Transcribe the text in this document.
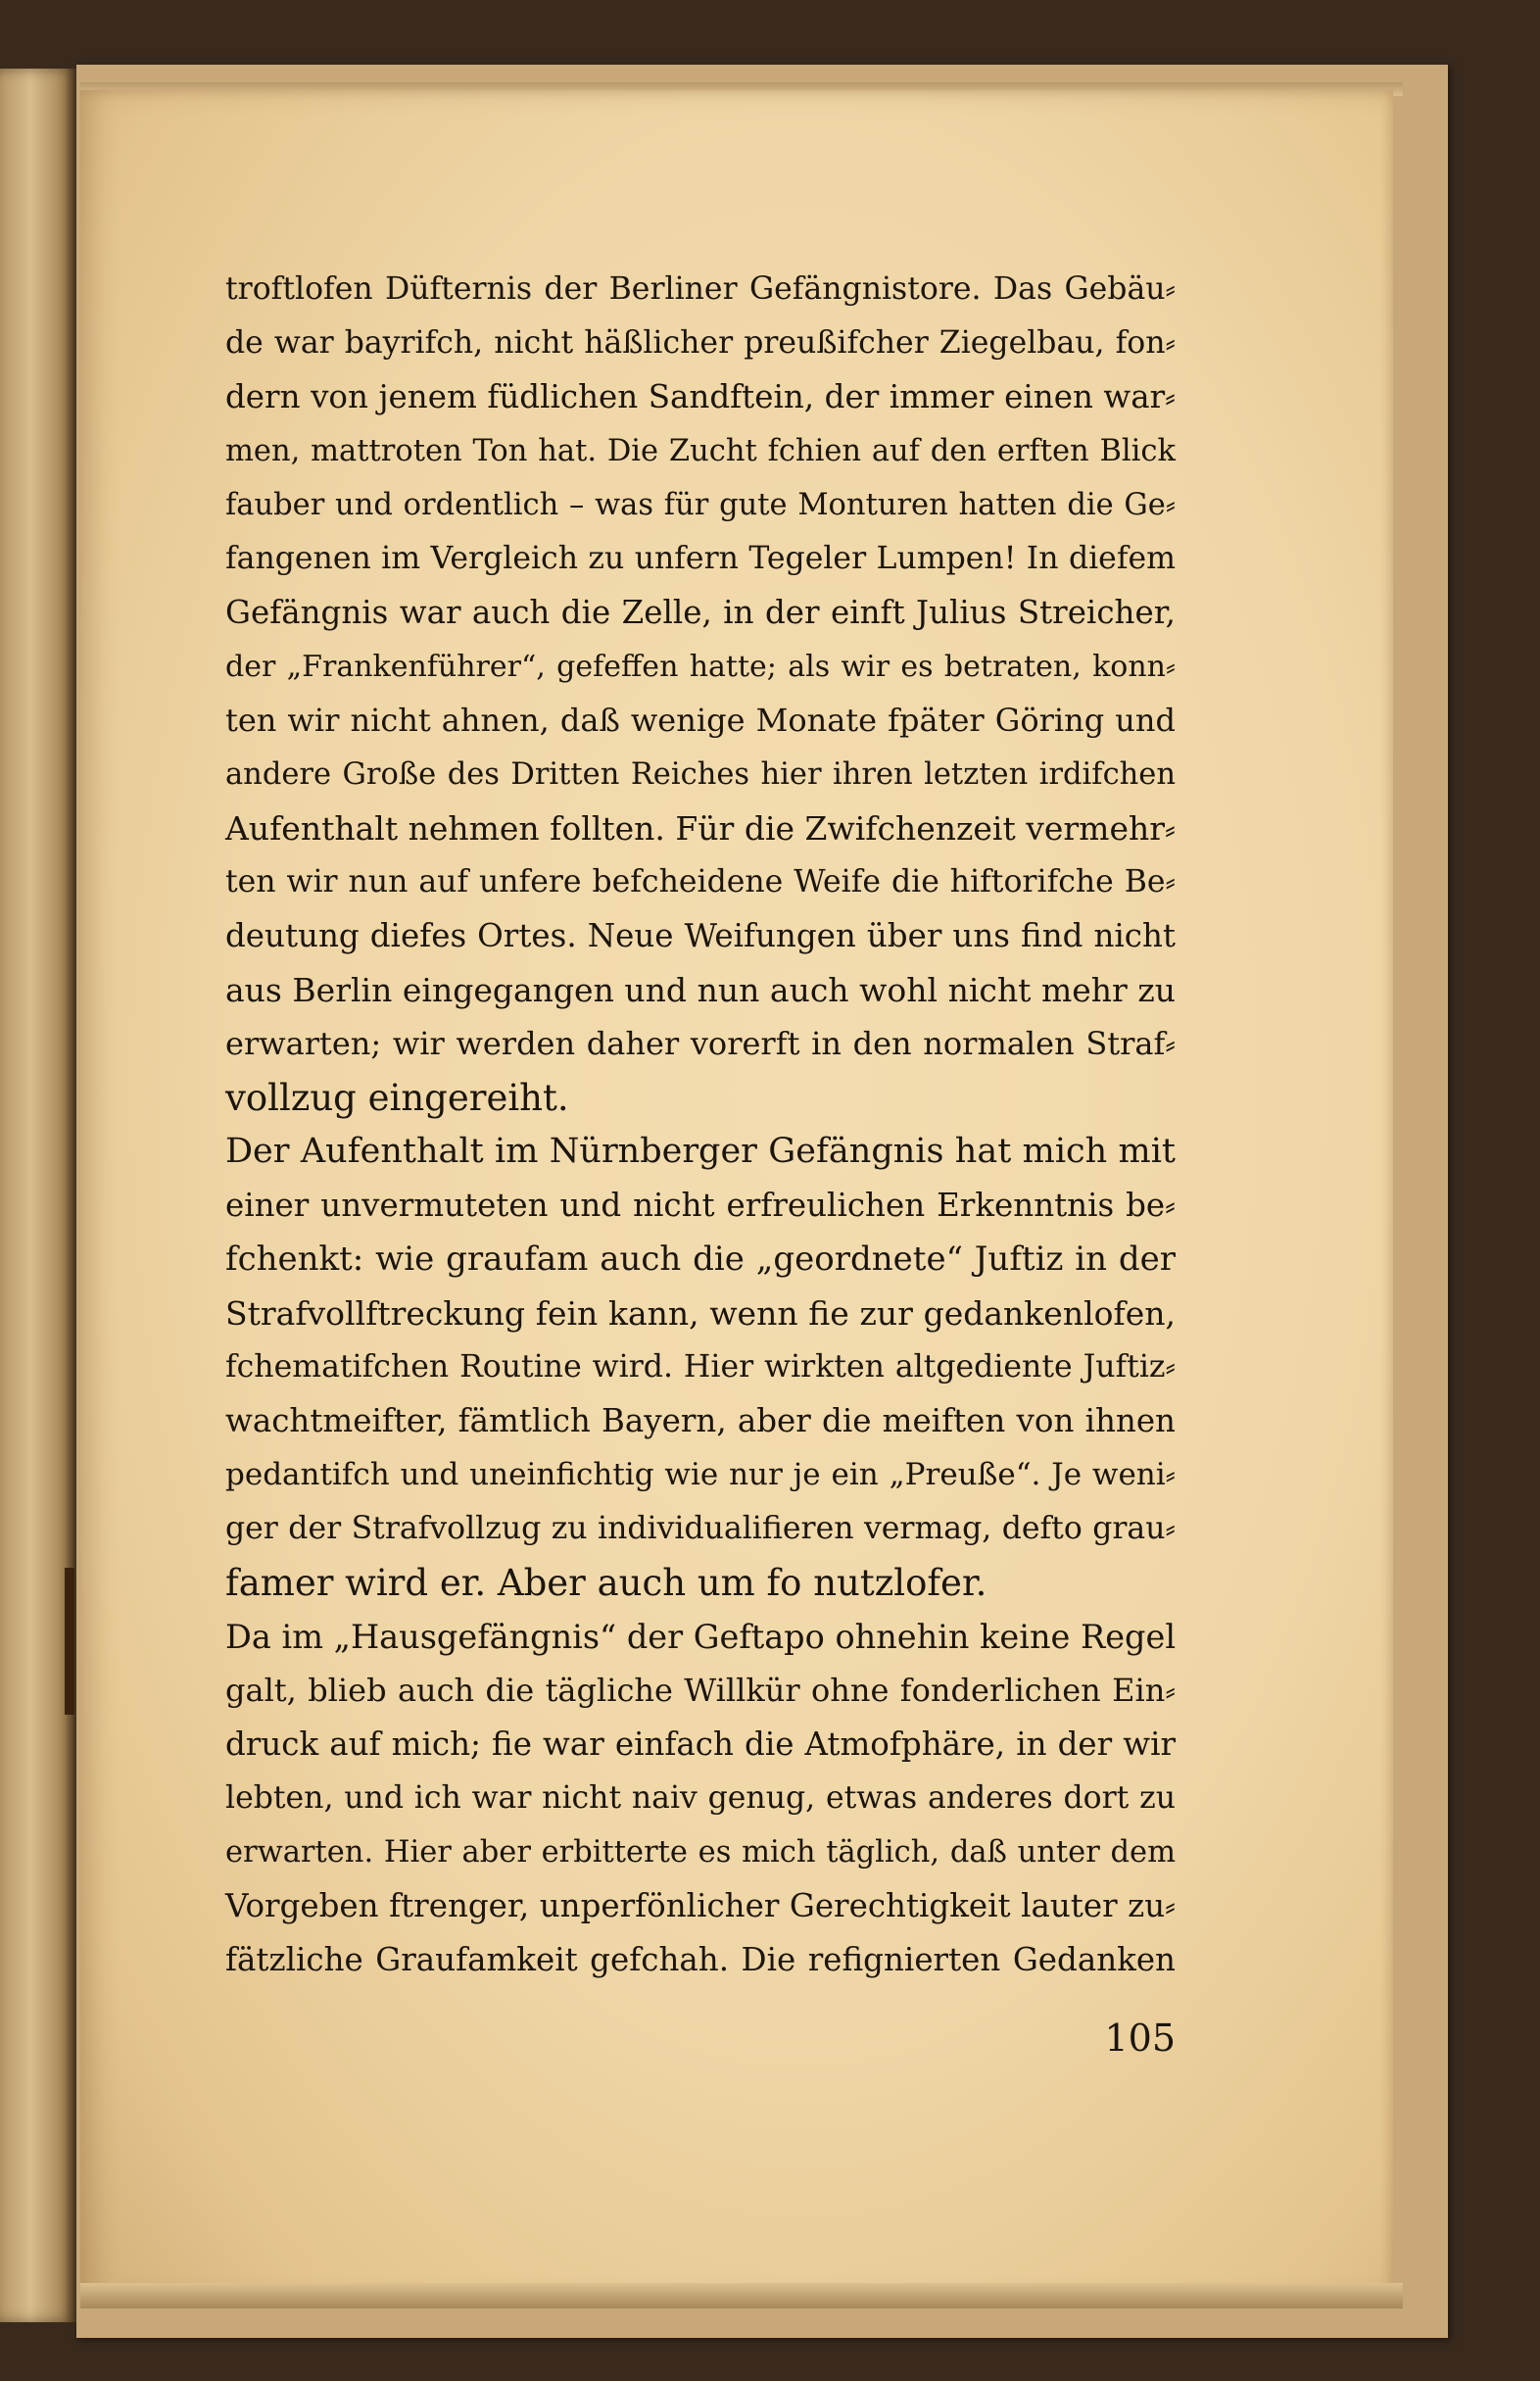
troftlofen Düfternis der Berliner Gefängnistore. Das Gebäu⸗
de war bayrifch, nicht häßlicher preußifcher Ziegelbau, fon⸗
dern von jenem füdlichen Sandftein, der immer einen war⸗
men, mattroten Ton hat. Die Zucht fchien auf den erften Blick
fauber und ordentlich – was für gute Monturen hatten die Ge⸗
fangenen im Vergleich zu unfern Tegeler Lumpen! In diefem
Gefängnis war auch die Zelle, in der einft Julius Streicher,
der „Frankenführer“, gefeffen hatte; als wir es betraten, konn⸗
ten wir nicht ahnen, daß wenige Monate fpäter Göring und
andere Große des Dritten Reiches hier ihren letzten irdifchen
Aufenthalt nehmen follten. Für die Zwifchenzeit vermehr⸗
ten wir nun auf unfere befcheidene Weife die hiftorifche Be⸗
deutung diefes Ortes. Neue Weifungen über uns find nicht
aus Berlin eingegangen und nun auch wohl nicht mehr zu
erwarten; wir werden daher vorerft in den normalen Straf⸗
vollzug eingereiht.
Der Aufenthalt im Nürnberger Gefängnis hat mich mit
einer unvermuteten und nicht erfreulichen Erkenntnis be⸗
fchenkt: wie graufam auch die „geordnete“ Juftiz in der
Strafvollftreckung fein kann, wenn fie zur gedankenlofen,
fchematifchen Routine wird. Hier wirkten altgediente Juftiz⸗
wachtmeifter, fämtlich Bayern, aber die meiften von ihnen
pedantifch und uneinfichtig wie nur je ein „Preuße“. Je weni⸗
ger der Strafvollzug zu individualifieren vermag, defto grau⸗
famer wird er. Aber auch um fo nutzlofer.
Da im „Hausgefängnis“ der Geftapo ohnehin keine Regel
galt, blieb auch die tägliche Willkür ohne fonderlichen Ein⸗
druck auf mich; fie war einfach die Atmofphäre, in der wir
lebten, und ich war nicht naiv genug, etwas anderes dort zu
erwarten. Hier aber erbitterte es mich täglich, daß unter dem
Vorgeben ftrenger, unperfönlicher Gerechtigkeit lauter zu⸗
fätzliche Graufamkeit gefchah. Die refignierten Gedanken
105
